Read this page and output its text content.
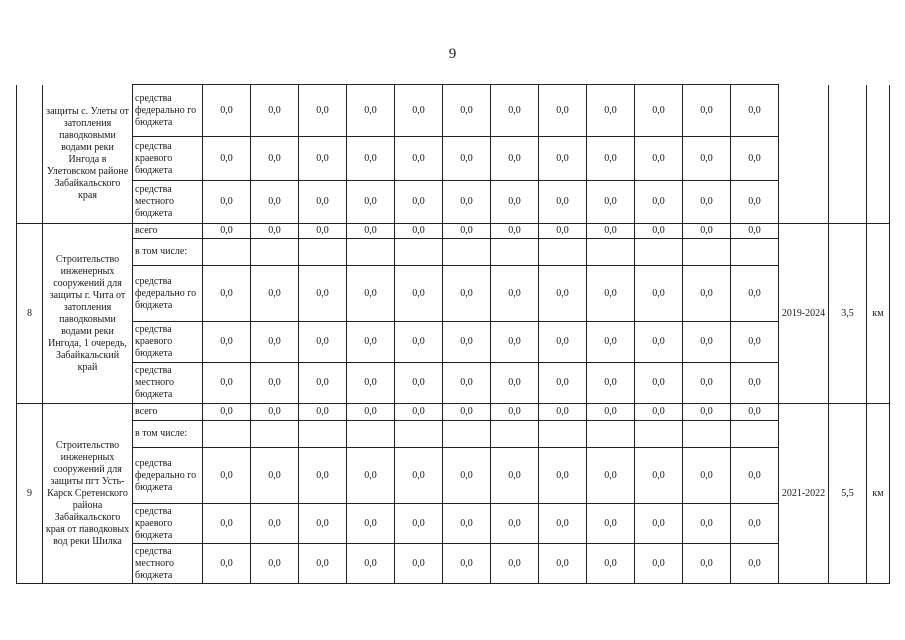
9
	защиты с. Улеты от затопления паводковыми водами реки Ингода в Улетовском районе Забайкальского края	средства федерально го бюджета	0,0	0,0	0,0	0,0	0,0	0,0	0,0	0,0	0,0	0,0	0,0	0,0			
		средства краевого бюджета	0,0	0,0	0,0	0,0	0,0	0,0	0,0	0,0	0,0	0,0	0,0	0,0			
		средства местного бюджета	0,0	0,0	0,0	0,0	0,0	0,0	0,0	0,0	0,0	0,0	0,0	0,0			
8	Строительство инженерных сооружений для защиты г. Чита от затопления паводковыми водами реки Ингода, 1 очередь, Забайкальский край	всего	0,0	0,0	0,0	0,0	0,0	0,0	0,0	0,0	0,0	0,0	0,0	0,0	2019-2024	3,5	км
		в том числе:															
		средства федерально го бюджета	0,0	0,0	0,0	0,0	0,0	0,0	0,0	0,0	0,0	0,0	0,0	0,0			
		средства краевого бюджета	0,0	0,0	0,0	0,0	0,0	0,0	0,0	0,0	0,0	0,0	0,0	0,0			
		средства местного бюджета	0,0	0,0	0,0	0,0	0,0	0,0	0,0	0,0	0,0	0,0	0,0	0,0			
9	Строительство инженерных сооружений для защиты пгт Усть-Карск Сретенского района Забайкальского края от паводковых вод реки Шилка	всего	0,0	0,0	0,0	0,0	0,0	0,0	0,0	0,0	0,0	0,0	0,0	0,0	2021-2022	5,5	км
		в том числе:															
		средства федерально го бюджета	0,0	0,0	0,0	0,0	0,0	0,0	0,0	0,0	0,0	0,0	0,0	0,0			
		средства краевого бюджета	0,0	0,0	0,0	0,0	0,0	0,0	0,0	0,0	0,0	0,0	0,0	0,0			
		средства местного бюджета	0,0	0,0	0,0	0,0	0,0	0,0	0,0	0,0	0,0	0,0	0,0	0,0			
